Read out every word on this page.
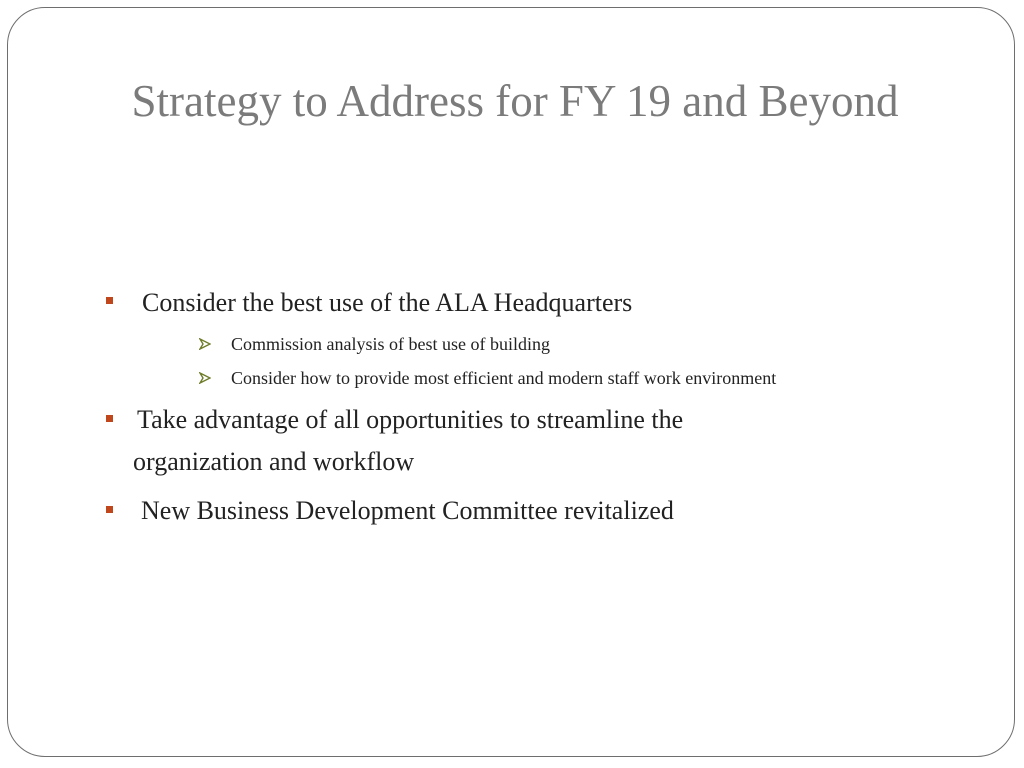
Strategy to Address for FY 19 and Beyond
Consider the best use of the ALA Headquarters
Commission analysis of best use of building
Consider how to provide most efficient and modern staff work environment
Take advantage of all opportunities to streamline the
organization and workflow
New Business Development Committee revitalized
